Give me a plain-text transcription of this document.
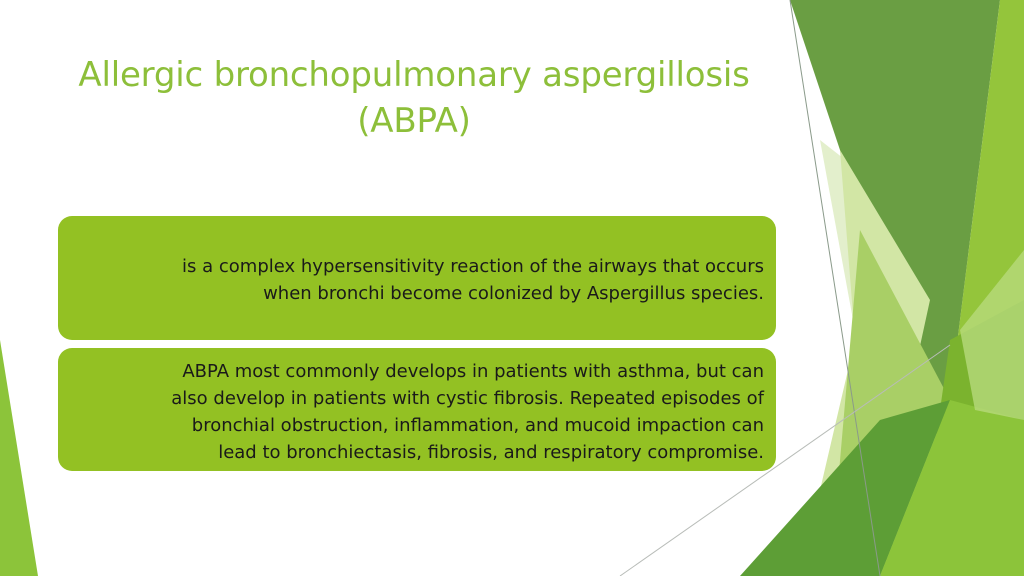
Allergic bronchopulmonary aspergillosis
(ABPA)
is a complex hypersensitivity reaction of the airways that occurs
when bronchi become colonized by Aspergillus species.
ABPA most commonly develops in patients with asthma, but can
also develop in patients with cystic fibrosis. Repeated episodes of
bronchial obstruction, inflammation, and mucoid impaction can
lead to bronchiectasis, fibrosis, and respiratory compromise.
